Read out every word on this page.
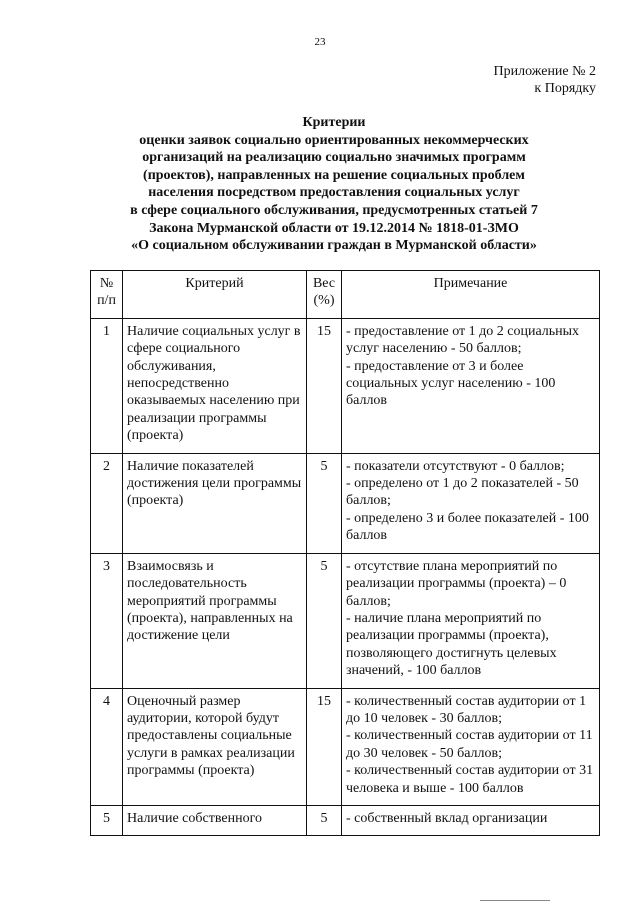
23
Приложение № 2
к Порядку
Критерии
оценки заявок социально ориентированных некоммерческих
организаций на реализацию социально значимых программ
(проектов), направленных на решение социальных проблем
населения посредством предоставления социальных услуг
в сфере социального обслуживания, предусмотренных статьей 7
Закона Мурманской области от 19.12.2014 № 1818-01-ЗМО
«О социальном обслуживании граждан в Мурманской области»
№ п/п	Критерий	Вес (%)	Примечание
1	Наличие социальных услуг в сфере социального обслуживания, непосредственно оказываемых населению при реализации программы (проекта)	15	- предоставление от 1 до 2 социальных услуг населению - 50 баллов;
- предоставление от 3 и более социальных услуг населению - 100 баллов

2	Наличие показателей достижения цели программы (проекта)	5	- показатели отсутствуют - 0 баллов;
- определено от 1 до 2 показателей - 50 баллов;
- определено 3 и более показателей - 100 баллов

3	Взаимосвязь и последовательность мероприятий программы (проекта), направленных на достижение цели	5	- отсутствие плана мероприятий по реализации программы (проекта) – 0 баллов;
- наличие плана мероприятий по реализации программы (проекта), позволяющего достигнуть целевых значений, - 100 баллов

4	Оценочный размер аудитории, которой будут предоставлены социальные услуги в рамках реализации программы (проекта)	15	- количественный состав аудитории от 1 до 10 человек - 30 баллов;
- количественный состав аудитории от 11 до 30 человек - 50 баллов;
- количественный состав аудитории от 31 человека и выше - 100 баллов

5	Наличие собственного	5	- собственный вклад организации
